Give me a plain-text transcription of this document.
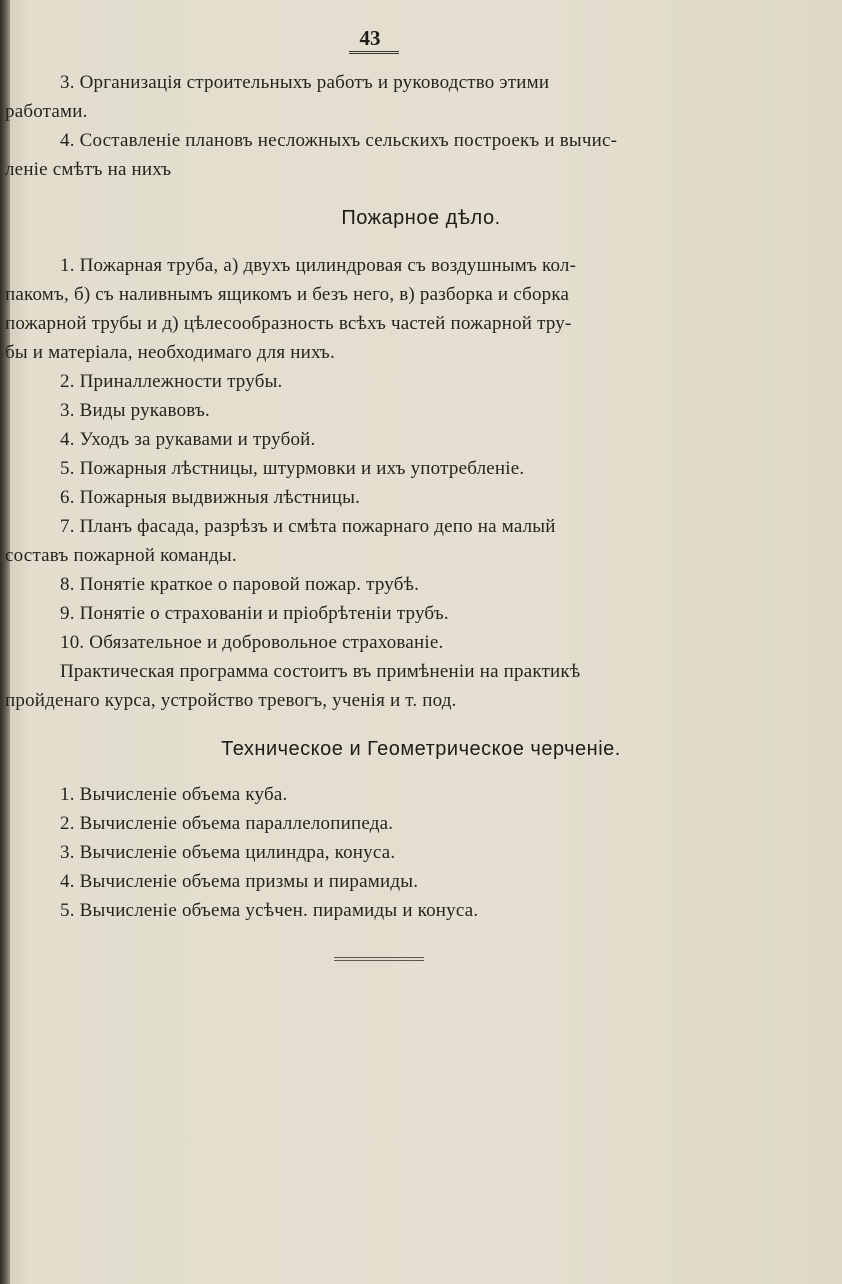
43
3. Организація строительныхъ работъ и руководство этими
работами.
4. Составленіе плановъ несложныхъ сельскихъ построекъ и вычис-
леніе смѣтъ на нихъ
Пожарное дѣло.
1. Пожарная труба, а) двухъ цилиндровая съ воздушнымъ кол-
пакомъ, б) съ наливнымъ ящикомъ и безъ него, в) разборка и сборка
пожарной трубы и д) цѣлесообразность всѣхъ частей пожарной тру-
бы и матеріала, необходимаго для нихъ.
2. Приналлежности трубы.
3. Виды рукавовъ.
4. Уходъ за рукавами и трубой.
5. Пожарныя лѣстницы, штурмовки и ихъ употребленіе.
6. Пожарныя выдвижныя лѣстницы.
7. Планъ фасада, разрѣзъ и смѣта пожарнаго депо на малый
составъ пожарной команды.
8. Понятіе краткое о паровой пожар. трубѣ.
9. Понятіе о страхованіи и пріобрѣтеніи трубъ.
10. Обязательное и добровольное страхованіе.
Практическая программа состоитъ въ примѣненіи на практикѣ
пройденаго курса, устройство тревогъ, ученія и т. под.
Техническое и Геометрическое черченіе.
1. Вычисленіе объема куба.
2. Вычисленіе объема параллелопипеда.
3. Вычисленіе объема цилиндра, конуса.
4. Вычисленіе объема призмы и пирамиды.
5. Вычисленіе объема усѣчен. пирамиды и конуса.
